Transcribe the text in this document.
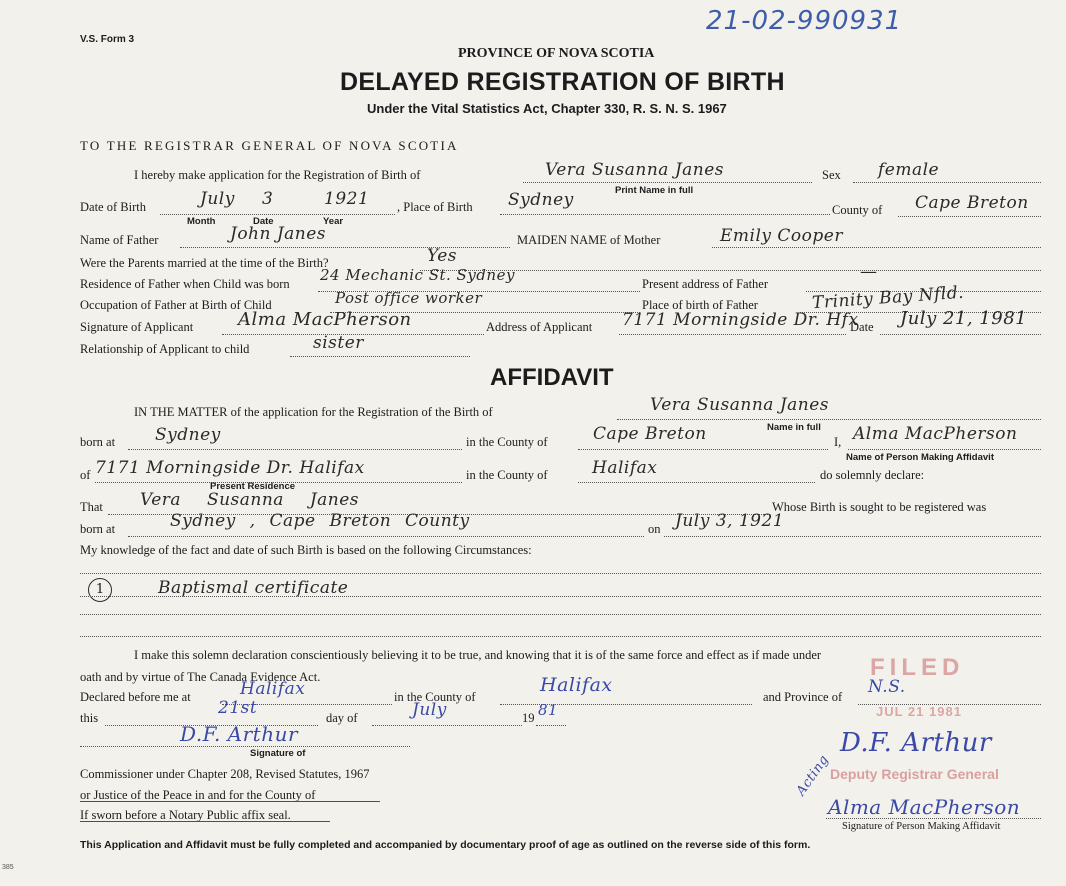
V.S. Form 3
21-02-990931
PROVINCE OF NOVA SCOTIA
DELAYED REGISTRATION OF BIRTH
Under the Vital Statistics Act, Chapter 330, R. S. N. S. 1967
TO THE REGISTRAR GENERAL OF NOVA SCOTIA
I hereby make application for the Registration of Birth of	Vera Susanna Janes
Print Name in full
Sex female
Date of Birth	July 3	1921
Month	Date	Year
, Place of Birth Sydney	County of Cape Breton
Name of Father	John Janes	MAIDEN NAME of Mother	Emily Cooper
Were the Parents married at the time of the Birth?	Yes
Residence of Father when Child was born 24 Mechanic St. Sydney	Present address of Father
—
Occupation of Father at Birth of Child	Post office worker	Place of birth of Father	Trinity Bay Nfld.
Signature of Applicant Alma MacPherson	Address of Applicant 7171 Morningside Dr. Hfx
Date July 21, 1981
Relationship of Applicant to child	sister
AFFIDAVIT
IN THE MATTER of the application for the Registration of the Birth of	Vera Susanna Janes
Name in full
born at Sydney	in the County of	Cape Breton	I, Alma MacPherson
Name of Person Making Affidavit
of 7171 Morningside Dr. Halifax
Present Residence
in the County of	Halifax	do solemnly declare:
That Vera Susanna Janes	Whose Birth is sought to be registered was
born at	Sydney , Cape Breton County	on July 3, 1921
My knowledge of the fact and date of such Birth is based on the following Circumstances:
1	Baptismal certificate
I make this solemn declaration conscientiously believing it to be true, and knowing that it is of the same force and effect as if made under
oath and by virtue of The Canada Evidence Act.
Declared before me at	Halifax	in the County of
Halifax
and Province of N.S.
this	21st	day of	July	19 81
D.F. Arthur
Signature of
Commissioner under Chapter 208, Revised Statutes, 1967
or Justice of the Peace in and for the County of
If sworn before a Notary Public affix seal.
FILED
JUL 21 1981
D.F. Arthur
Acting
Deputy Registrar General
Alma MacPherson
Signature of Person Making Affidavit
This Application and Affidavit must be fully completed and accompanied by documentary proof of age as outlined on the reverse side of this form.
385
